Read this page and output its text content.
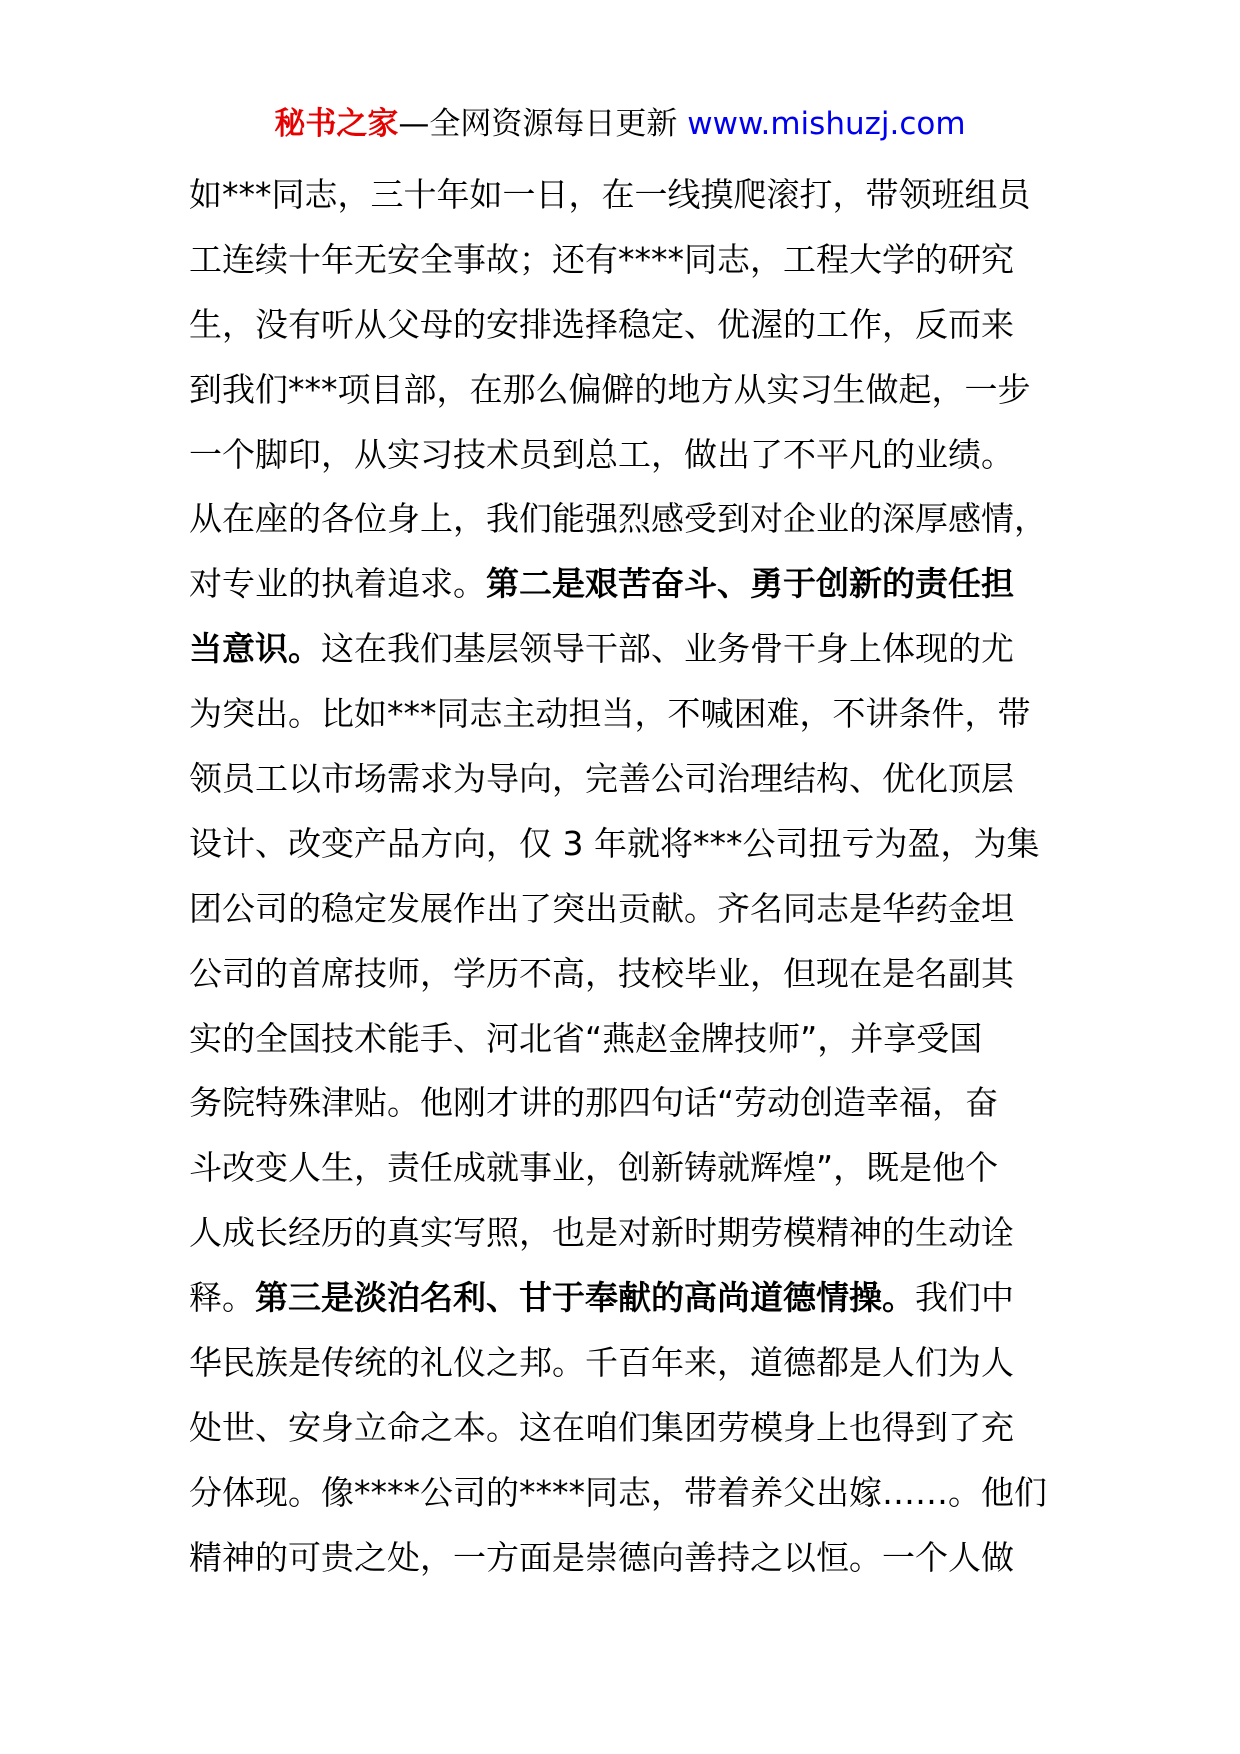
秘书之家—全网资源每日更新 www.mishuzj.com
如***同志，三十年如一日，在一线摸爬滚打，带领班组员
工连续十年无安全事故；还有****同志，工程大学的研究
生，没有听从父母的安排选择稳定、优渥的工作，反而来
到我们***项目部，在那么偏僻的地方从实习生做起，一步
一个脚印，从实习技术员到总工，做出了不平凡的业绩。
从在座的各位身上，我们能强烈感受到对企业的深厚感情，
对专业的执着追求。第二是艰苦奋斗、勇于创新的责任担
当意识。这在我们基层领导干部、业务骨干身上体现的尤
为突出。比如***同志主动担当，不喊困难，不讲条件，带
领员工以市场需求为导向，完善公司治理结构、优化顶层
设计、改变产品方向，仅 3 年就将***公司扭亏为盈，为集
团公司的稳定发展作出了突出贡献。齐名同志是华药金坦
公司的首席技师，学历不高，技校毕业，但现在是名副其
实的全国技术能手、河北省“燕赵金牌技师”，并享受国
务院特殊津贴。他刚才讲的那四句话“劳动创造幸福，奋
斗改变人生，责任成就事业，创新铸就辉煌”，既是他个
人成长经历的真实写照，也是对新时期劳模精神的生动诠
释。第三是淡泊名利、甘于奉献的高尚道德情操。我们中
华民族是传统的礼仪之邦。千百年来，道德都是人们为人
处世、安身立命之本。这在咱们集团劳模身上也得到了充
分体现。像****公司的****同志，带着养父出嫁……。他们
精神的可贵之处，一方面是崇德向善持之以恒。一个人做
